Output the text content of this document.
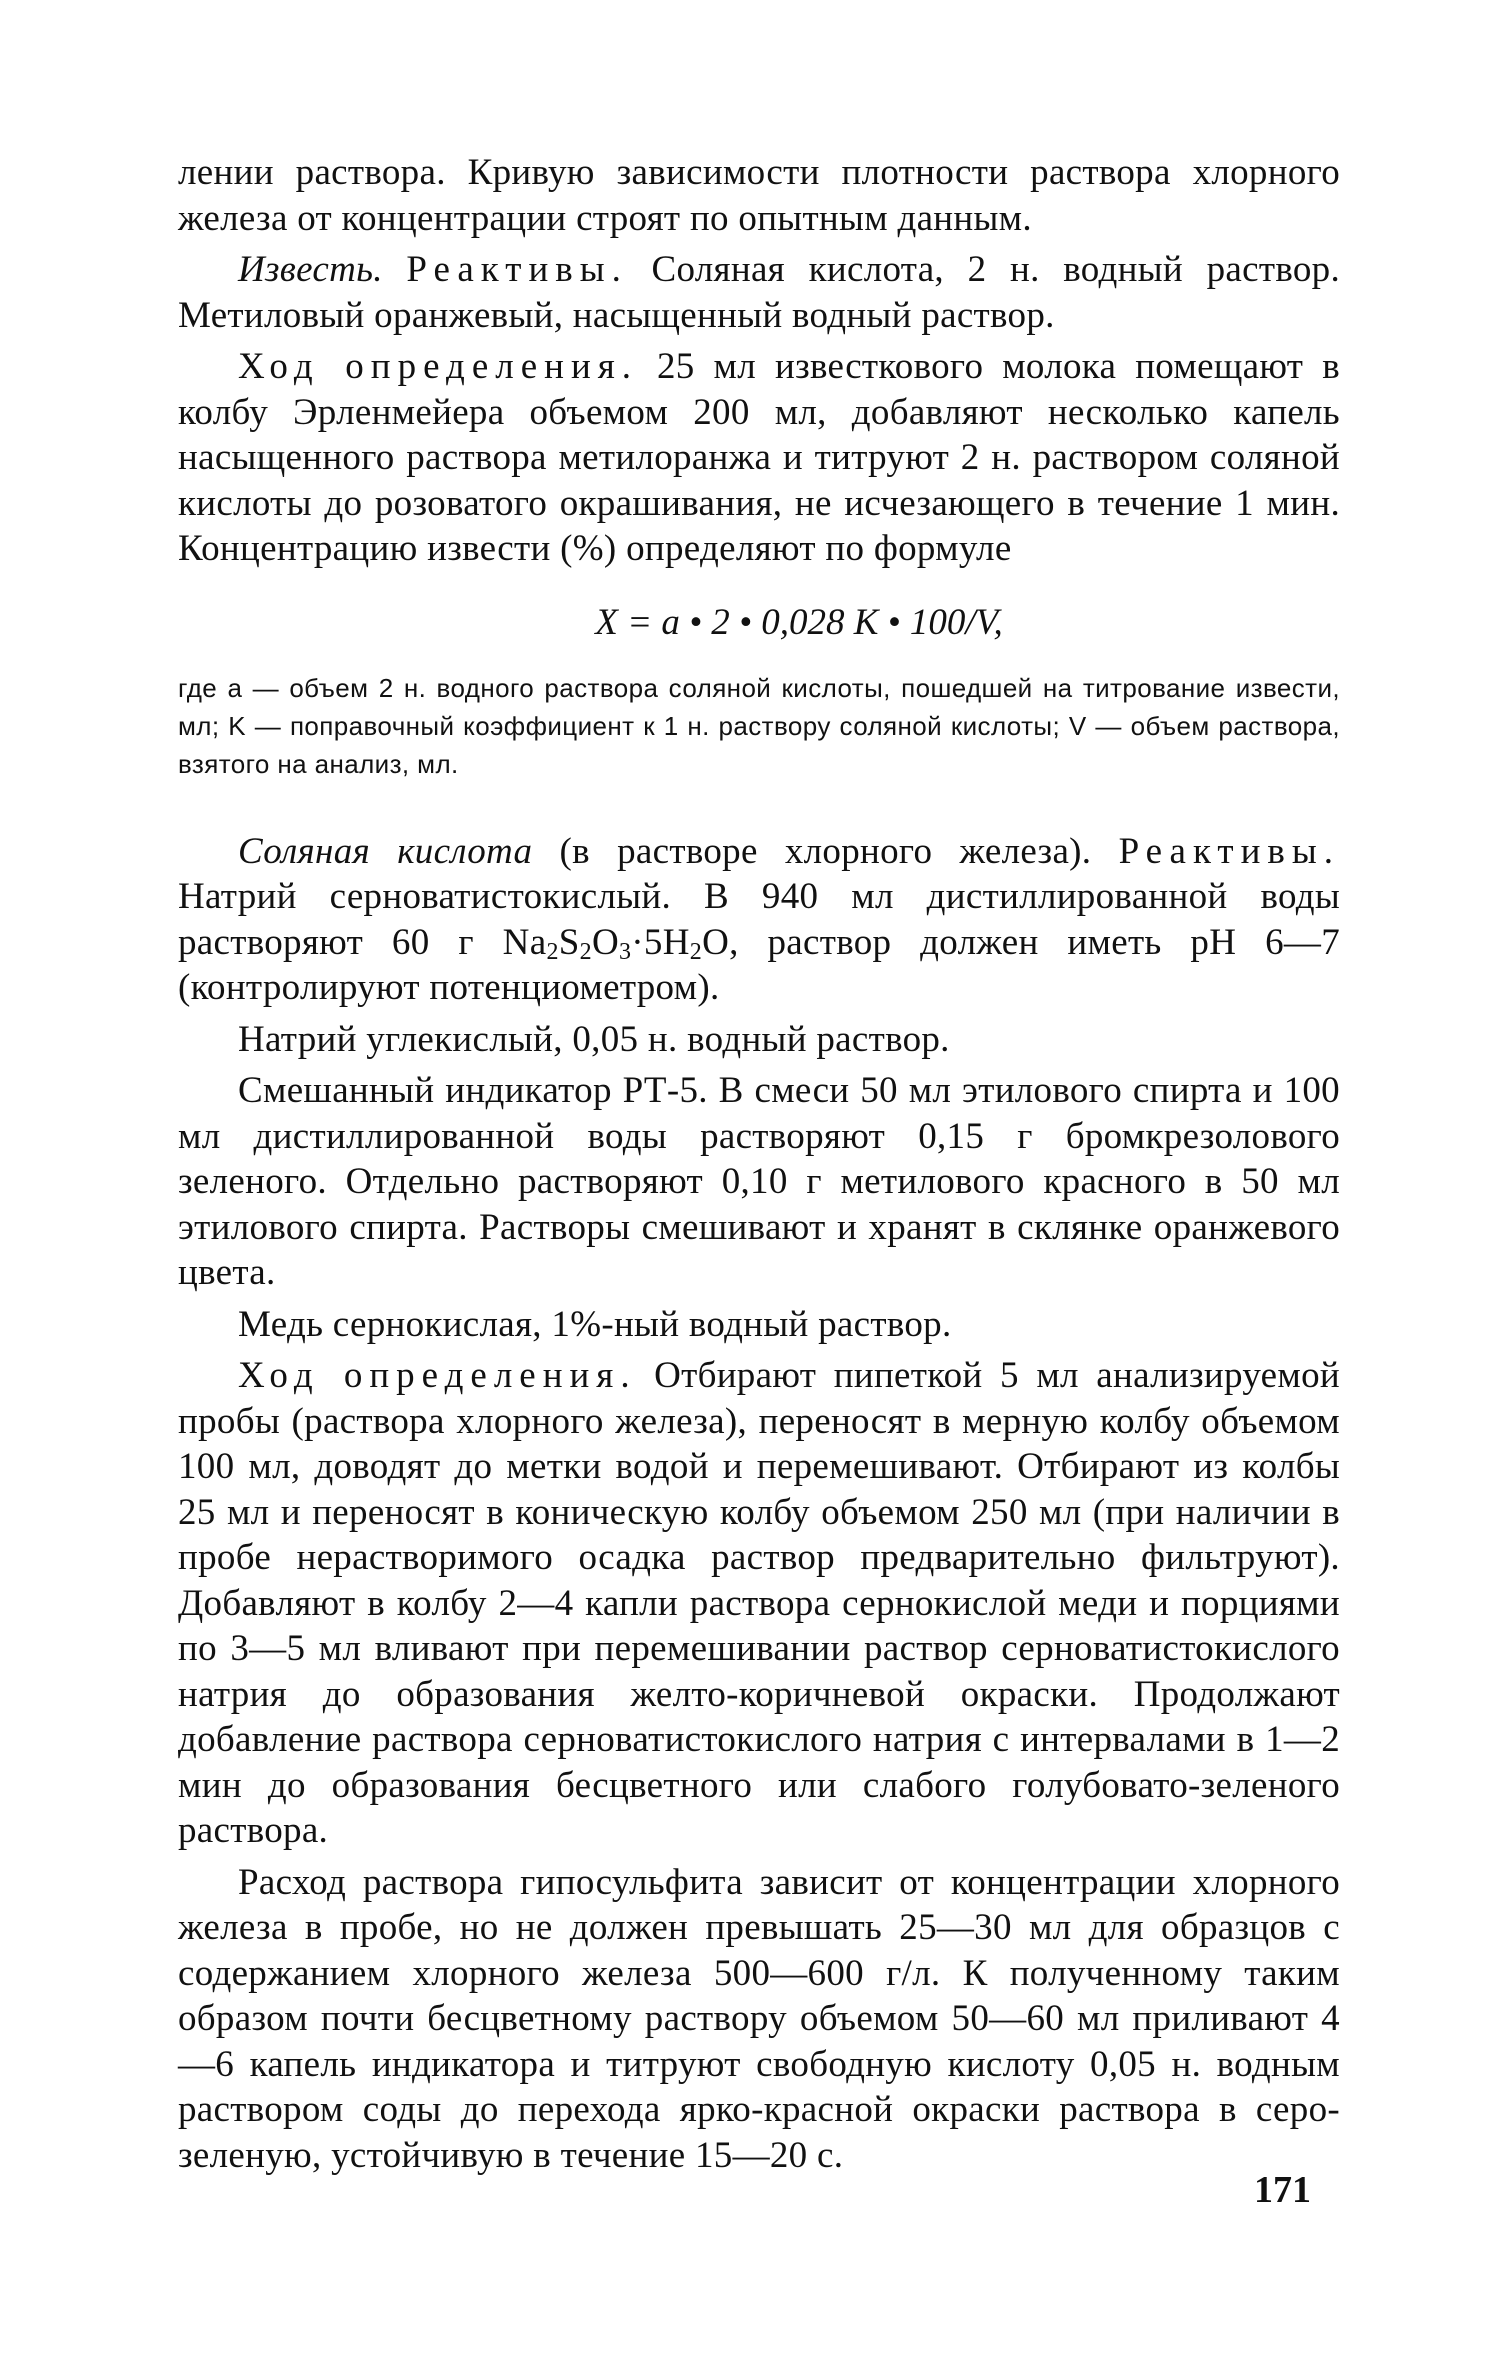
лении раствора. Кривую зависимости плотности раствора хлорного железа от концентрации строят по опытным данным.

Известь. Реактивы. Соляная кислота, 2 н. водный раствор. Метиловый оранжевый, насыщенный водный раствор.

Ход определения. 25 мл известкового молока помещают в колбу Эрленмейера объемом 200 мл, добавляют несколько капель насыщенного раствора метилоранжа и титруют 2 н. раствором соляной кислоты до розоватого окрашивания, не исчезающего в течение 1 мин. Концентрацию извести (%) определяют по формуле

X = a • 2 • 0,028 K • 100/V,
где a — объем 2 н. водного раствора соляной кислоты, пошедшей на титрование извести, мл; K — поправочный коэффициент к 1 н. раствору соляной кислоты; V — объем раствора, взятого на анализ, мл.

Соляная кислота (в растворе хлорного железа). Реактивы. Натрий серноватистокислый. В 940 мл дистиллированной воды растворяют 60 г $Na_2S_2O_3\cdot 5H_2O$, раствор должен иметь pH 6—7 (контролируют потенциометром).

Натрий углекислый, 0,05 н. водный раствор.

Смешанный индикатор РТ-5. В смеси 50 мл этилового спирта и 100 мл дистиллированной воды растворяют 0,15 г бромкрезолового зеленого. Отдельно растворяют 0,10 г метилового красного в 50 мл этилового спирта. Растворы смешивают и хранят в склянке оранжевого цвета.

Медь сернокислая, 1%-ный водный раствор.

Ход определения. Отбирают пипеткой 5 мл анализируемой пробы (раствора хлорного железа), переносят в мерную колбу объемом 100 мл, доводят до метки водой и перемешивают. Отбирают из колбы 25 мл и переносят в коническую колбу объемом 250 мл (при наличии в пробе нерастворимого осадка раствор предварительно фильтруют). Добавляют в колбу 2—4 капли раствора сернокислой меди и порциями по 3—5 мл вливают при перемешивании раствор серноватистокислого натрия до образования желто-коричневой окраски. Продолжают добавление раствора серноватистокислого натрия с интервалами в 1—2 мин до образования бесцветного или слабого голубовато-зеленого раствора.

Расход раствора гипосульфита зависит от концентрации хлорного железа в пробе, но не должен превышать 25—30 мл для образцов с содержанием хлорного железа 500—600 г/л. К полученному таким образом почти бесцветному раствору объемом 50—60 мл приливают 4—6 капель индикатора и титруют свободную кислоту 0,05 н. водным раствором соды до перехода ярко-красной окраски раствора в серо-зеленую, устойчивую в течение 15—20 с.

171
